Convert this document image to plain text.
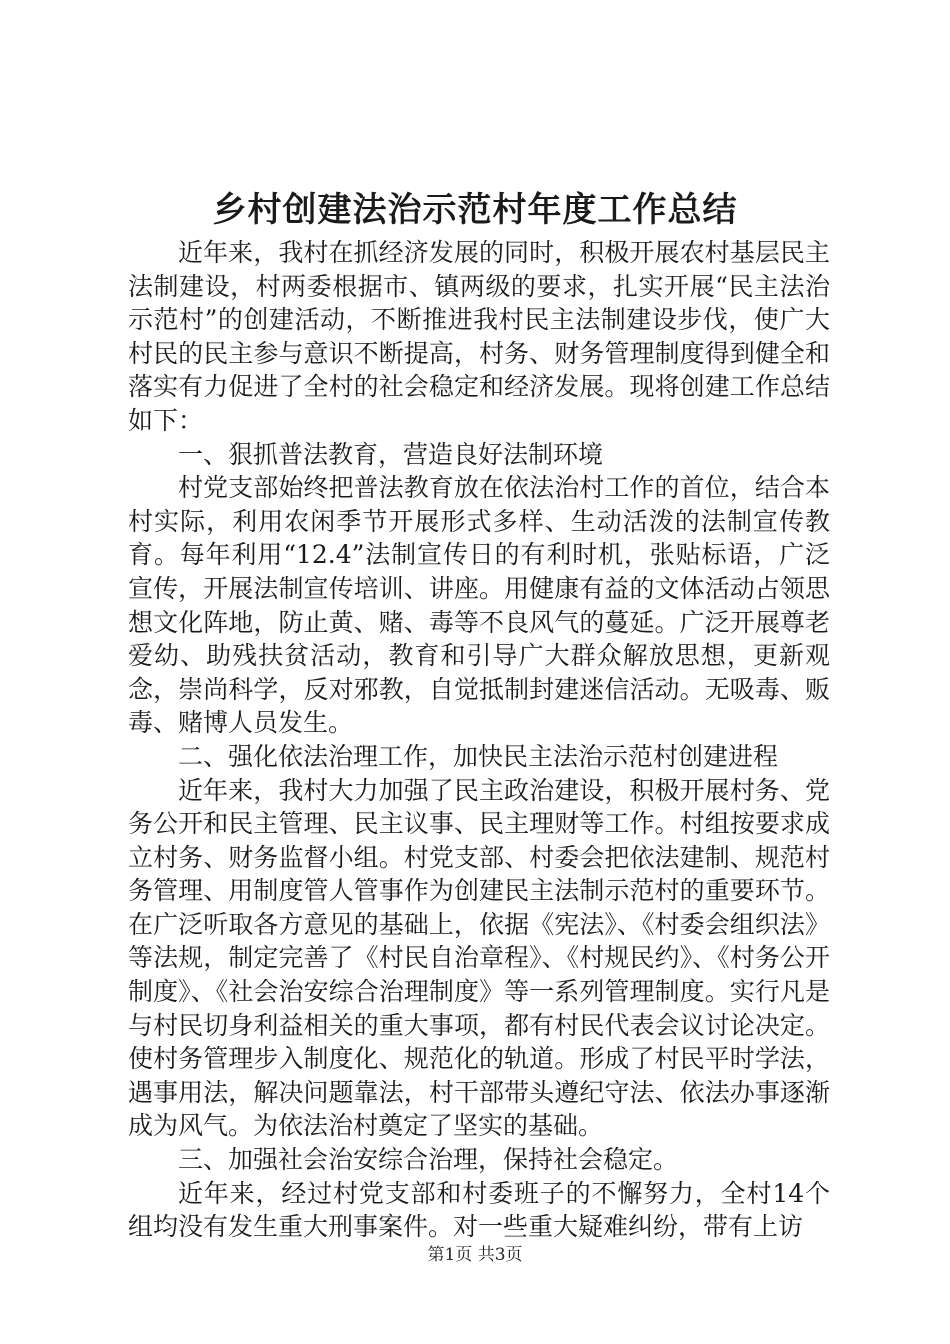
乡村创建法治示范村年度工作总结

近年来，我村在抓经济发展的同时，积极开展农村基层民主法制建设，村两委根据市、镇两级的要求，扎实开展“民主法治示范村”的创建活动，不断推进我村民主法制建设步伐，使广大村民的民主参与意识不断提高，村务、财务管理制度得到健全和落实有力促进了全村的社会稳定和经济发展。现将创建工作总结如下：

一、狠抓普法教育，营造良好法制环境

村党支部始终把普法教育放在依法治村工作的首位，结合本村实际，利用农闲季节开展形式多样、生动活泼的法制宣传教育。每年利用“12.4”法制宣传日的有利时机，张贴标语，广泛宣传，开展法制宣传培训、讲座。用健康有益的文体活动占领思想文化阵地，防止黄、赌、毒等不良风气的蔓延。广泛开展尊老爱幼、助残扶贫活动，教育和引导广大群众解放思想，更新观念，崇尚科学，反对邪教，自觉抵制封建迷信活动。无吸毒、贩毒、赌博人员发生。

二、强化依法治理工作，加快民主法治示范村创建进程

近年来，我村大力加强了民主政治建设，积极开展村务、党务公开和民主管理、民主议事、民主理财等工作。村组按要求成立村务、财务监督小组。村党支部、村委会把依法建制、规范村务管理、用制度管人管事作为创建民主法制示范村的重要环节。在广泛听取各方意见的基础上，依据《宪法》、《村委会组织法》等法规，制定完善了《村民自治章程》、《村规民约》、《村务公开制度》、《社会治安综合治理制度》等一系列管理制度。实行凡是与村民切身利益相关的重大事项，都有村民代表会议讨论决定。使村务管理步入制度化、规范化的轨道。形成了村民平时学法，遇事用法，解决问题靠法，村干部带头遵纪守法、依法办事逐渐成为风气。为依法治村奠定了坚实的基础。

三、加强社会治安综合治理，保持社会稳定。

近年来，经过村党支部和村委班子的不懈努力，全村14个组均没有发生重大刑事案件。对一些重大疑难纠纷，带有上访

第1页 共3页
